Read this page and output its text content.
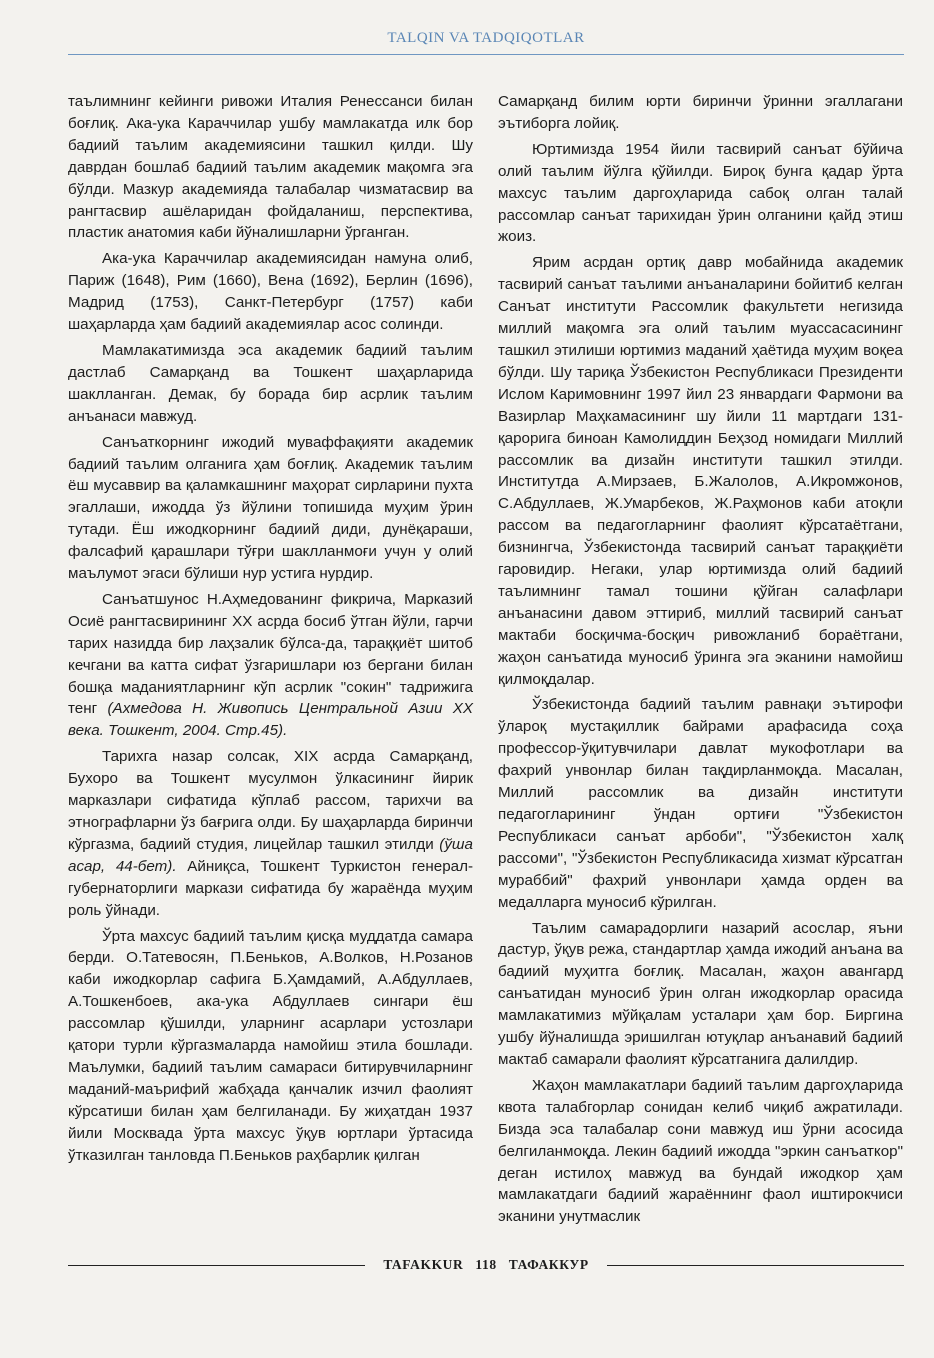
TALQIN VA TADQIQOTLAR

таълимнинг кейинги ривожи Италия Ренессанси билан боғлиқ. Ака-ука Караччилар ушбу мамлакатда илк бор бадиий таълим академиясини ташкил қилди. Шу даврдан бошлаб бадиий таълим академик мақомга эга бўлди. Мазкур академияда талабалар чизматасвир ва рангтасвир ашёларидан фойдаланиш, перспектива, пластик анатомия каби йўналишларни ўрганган.

Ака-ука Караччилар академиясидан намуна олиб, Париж (1648), Рим (1660), Вена (1692), Берлин (1696), Мадрид (1753), Санкт-Петербург (1757) каби шаҳарларда ҳам бадиий академиялар асос солинди.

Мамлакатимизда эса академик бадиий таълим дастлаб Самарқанд ва Тошкент шаҳарларида шаклланган. Демак, бу борада бир асрлик таълим анъанаси мавжуд.

Санъаткорнинг ижодий муваффақияти академик бадиий таълим олганига ҳам боғлиқ. Академик таълим ёш мусаввир ва қаламкашнинг маҳорат сирларини пухта эгаллаши, ижодда ўз йўлини топишида муҳим ўрин тутади. Ёш ижодкорнинг бадиий диди, дунёқараши, фалсафий қарашлари тўғри шаклланмоғи учун у олий маълумот эгаси бўлиши нур устига нурдир.

Санъатшунос Н.Аҳмедованинг фикрича, Марказий Осиё рангтасвирининг XX асрда босиб ўтган йўли, гарчи тарих назидда бир лаҳзалик бўлса-да, тараққиёт шитоб кечгани ва катта сифат ўзгаришлари юз бергани билан бошқа маданиятларнинг кўп асрлик "сокин" тадрижига тенг (Ахмедова Н. Живопись Центральной Азии XX века. Тошкент, 2004. Стр.45).

Тарихга назар солсак, XIX асрда Самарқанд, Бухоро ва Тошкент мусулмон ўлкасининг йирик марказлари сифатида кўплаб рассом, тарихчи ва этнографларни ўз бағрига олди. Бу шаҳарларда биринчи кўргазма, бадиий студия, лицейлар ташкил этилди (ўша асар, 44-бет). Айниқса, Тошкент Туркистон генерал-губернаторлиги маркази сифатида бу жараёнда муҳим роль ўйнади.

Ўрта махсус бадиий таълим қисқа муддатда самара берди. О.Татевосян, П.Беньков, А.Волков, Н.Розанов каби ижодкорлар сафига Б.Ҳамдамий, А.Абдуллаев, А.Тошкенбоев, ака-ука Абдуллаев сингари ёш рассомлар қўшилди, уларнинг асарлари устозлари қатори турли кўргазмаларда намойиш этила бошлади. Маълумки, бадиий таълим самараси битирувчиларнинг маданий-маърифий жабҳада қанчалик изчил фаолият кўрсатиши билан ҳам белгиланади. Бу жиҳатдан 1937 йили Москвада ўрта махсус ўқув юртлари ўртасида ўтказилган танловда П.Беньков раҳбарлик қилган

Самарқанд билим юрти биринчи ўринни эгаллагани эътиборга лойиқ.

Юртимизда 1954 йили тасвирий санъат бўйича олий таълим йўлга қўйилди. Бироқ бунга қадар ўрта махсус таълим даргоҳларида сабоқ олган талай рассомлар санъат тарихидан ўрин олганини қайд этиш жоиз.

Ярим асрдан ортиқ давр мобайнида академик тасвирий санъат таълими анъаналарини бойитиб келган Санъат институти Рассомлик факультети негизида миллий мақомга эга олий таълим муассасасининг ташкил этилиши юртимиз маданий ҳаётида муҳим воқеа бўлди. Шу тариқа Ўзбекистон Республикаси Президенти Ислом Каримовнинг 1997 йил 23 январдаги Фармони ва Вазирлар Маҳкамасининг шу йили 11 мартдаги 131-қарорига биноан Камолиддин Беҳзод номидаги Миллий рассомлик ва дизайн институти ташкил этилди. Институтда А.Мирзаев, Б.Жалолов, А.Икромжонов, С.Абдуллаев, Ж.Умарбеков, Ж.Раҳмонов каби атоқли рассом ва педагогларнинг фаолият кўрсатаётгани, бизнингча, Ўзбекистонда тасвирий санъат тараққиёти гаровидир. Негаки, улар юртимизда олий бадиий таълимнинг тамал тошини қўйган салафлари анъанасини давом эттириб, миллий тасвирий санъат мактаби босқичма-босқич ривожланиб бораётгани, жаҳон санъатида муносиб ўринга эга эканини намойиш қилмоқдалар.

Ўзбекистонда бадиий таълим равнақи эътирофи ўлароқ мустақиллик байрами арафасида соҳа профессор-ўқитувчилари давлат мукофотлари ва фахрий унвонлар билан тақдирланмоқда. Масалан, Миллий рассомлик ва дизайн институти педагогларининг ўндан ортиғи "Ўзбекистон Республикаси санъат арбоби", "Ўзбекистон халқ рассоми", "Ўзбекистон Республикасида хизмат кўрсатган мураббий" фахрий унвонлари ҳамда орден ва медалларга муносиб кўрилган.

Таълим самарадорлиги назарий асослар, яъни дастур, ўқув режа, стандартлар ҳамда ижодий анъана ва бадиий муҳитга боғлиқ. Масалан, жаҳон авангард санъатидан муносиб ўрин олган ижодкорлар орасида мамлакатимиз мўйқалам усталари ҳам бор. Биргина ушбу йўналишда эришилган ютуқлар анъанавий бадиий мактаб самарали фаолият кўрсатганига далилдир.

Жаҳон мамлакатлари бадиий таълим даргоҳларида квота талабгорлар сонидан келиб чиқиб ажратилади. Бизда эса талабалар сони мавжуд иш ўрни асосида белгиланмоқда. Лекин бадиий ижодда "эркин санъаткор" деган истилоҳ мавжуд ва бундай ижодкор ҳам мамлакатдаги бадиий жараённинг фаол иштирокчиси эканини унутмаслик

TAFAKKUR 118 ТАФАККУР
